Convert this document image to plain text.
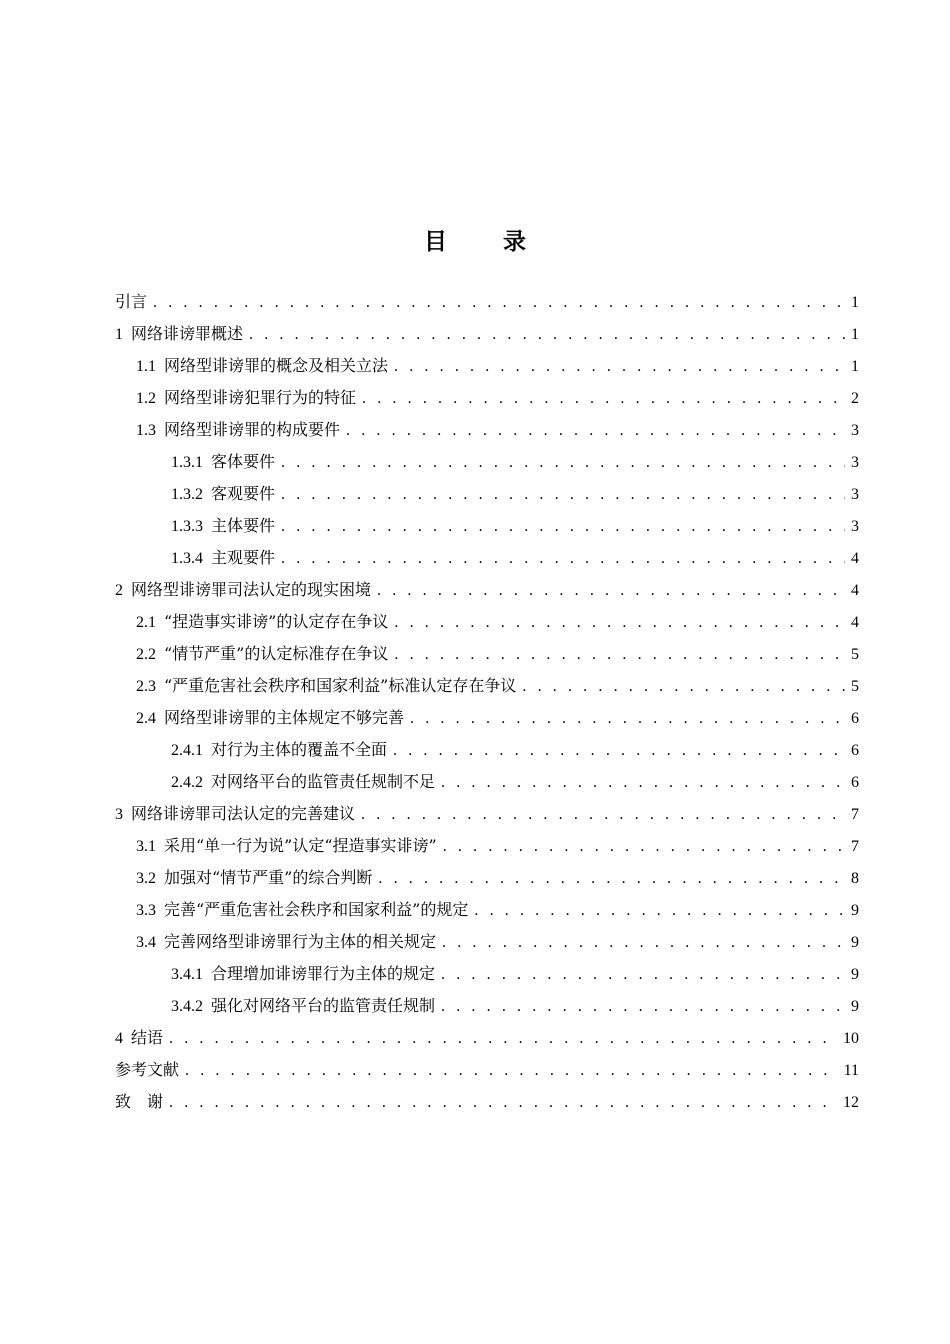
目 录
引言 . . .	1
1 网络诽谤罪概述 . . .	1
1.1 网络型诽谤罪的概念及相关立法 . . .	1
1.2 网络型诽谤犯罪行为的特征 . . .	2
1.3 网络型诽谤罪的构成要件 . . .	3
1.3.1 客体要件 . . .	3
1.3.2 客观要件 . . .	3
1.3.3 主体要件 . . .	3
1.3.4 主观要件 . . .	4
2 网络型诽谤罪司法认定的现实困境 . . .	4
2.1 “捏造事实诽谤”的认定存在争议 . . .	4
2.2 “情节严重”的认定标准存在争议 . . .	5
2.3 “严重危害社会秩序和国家利益”标准认定存在争议 . . .	5
2.4 网络型诽谤罪的主体规定不够完善 . . .	6
2.4.1 对行为主体的覆盖不全面 . . .	6
2.4.2 对网络平台的监管责任规制不足 . . .	6
3 网络诽谤罪司法认定的完善建议 . . .	7
3.1 采用“单一行为说”认定“捏造事实诽谤” . . .	7
3.2 加强对“情节严重”的综合判断 . . .	8
3.3 完善“严重危害社会秩序和国家利益”的规定 . . .	9
3.4 完善网络型诽谤罪行为主体的相关规定 . . .	9
3.4.1 合理增加诽谤罪行为主体的规定 . . .	9
3.4.2 强化对网络平台的监管责任规制 . . .	9
4 结语 . . .	10
参考文献 . . .	11
致　谢 . . .	12
